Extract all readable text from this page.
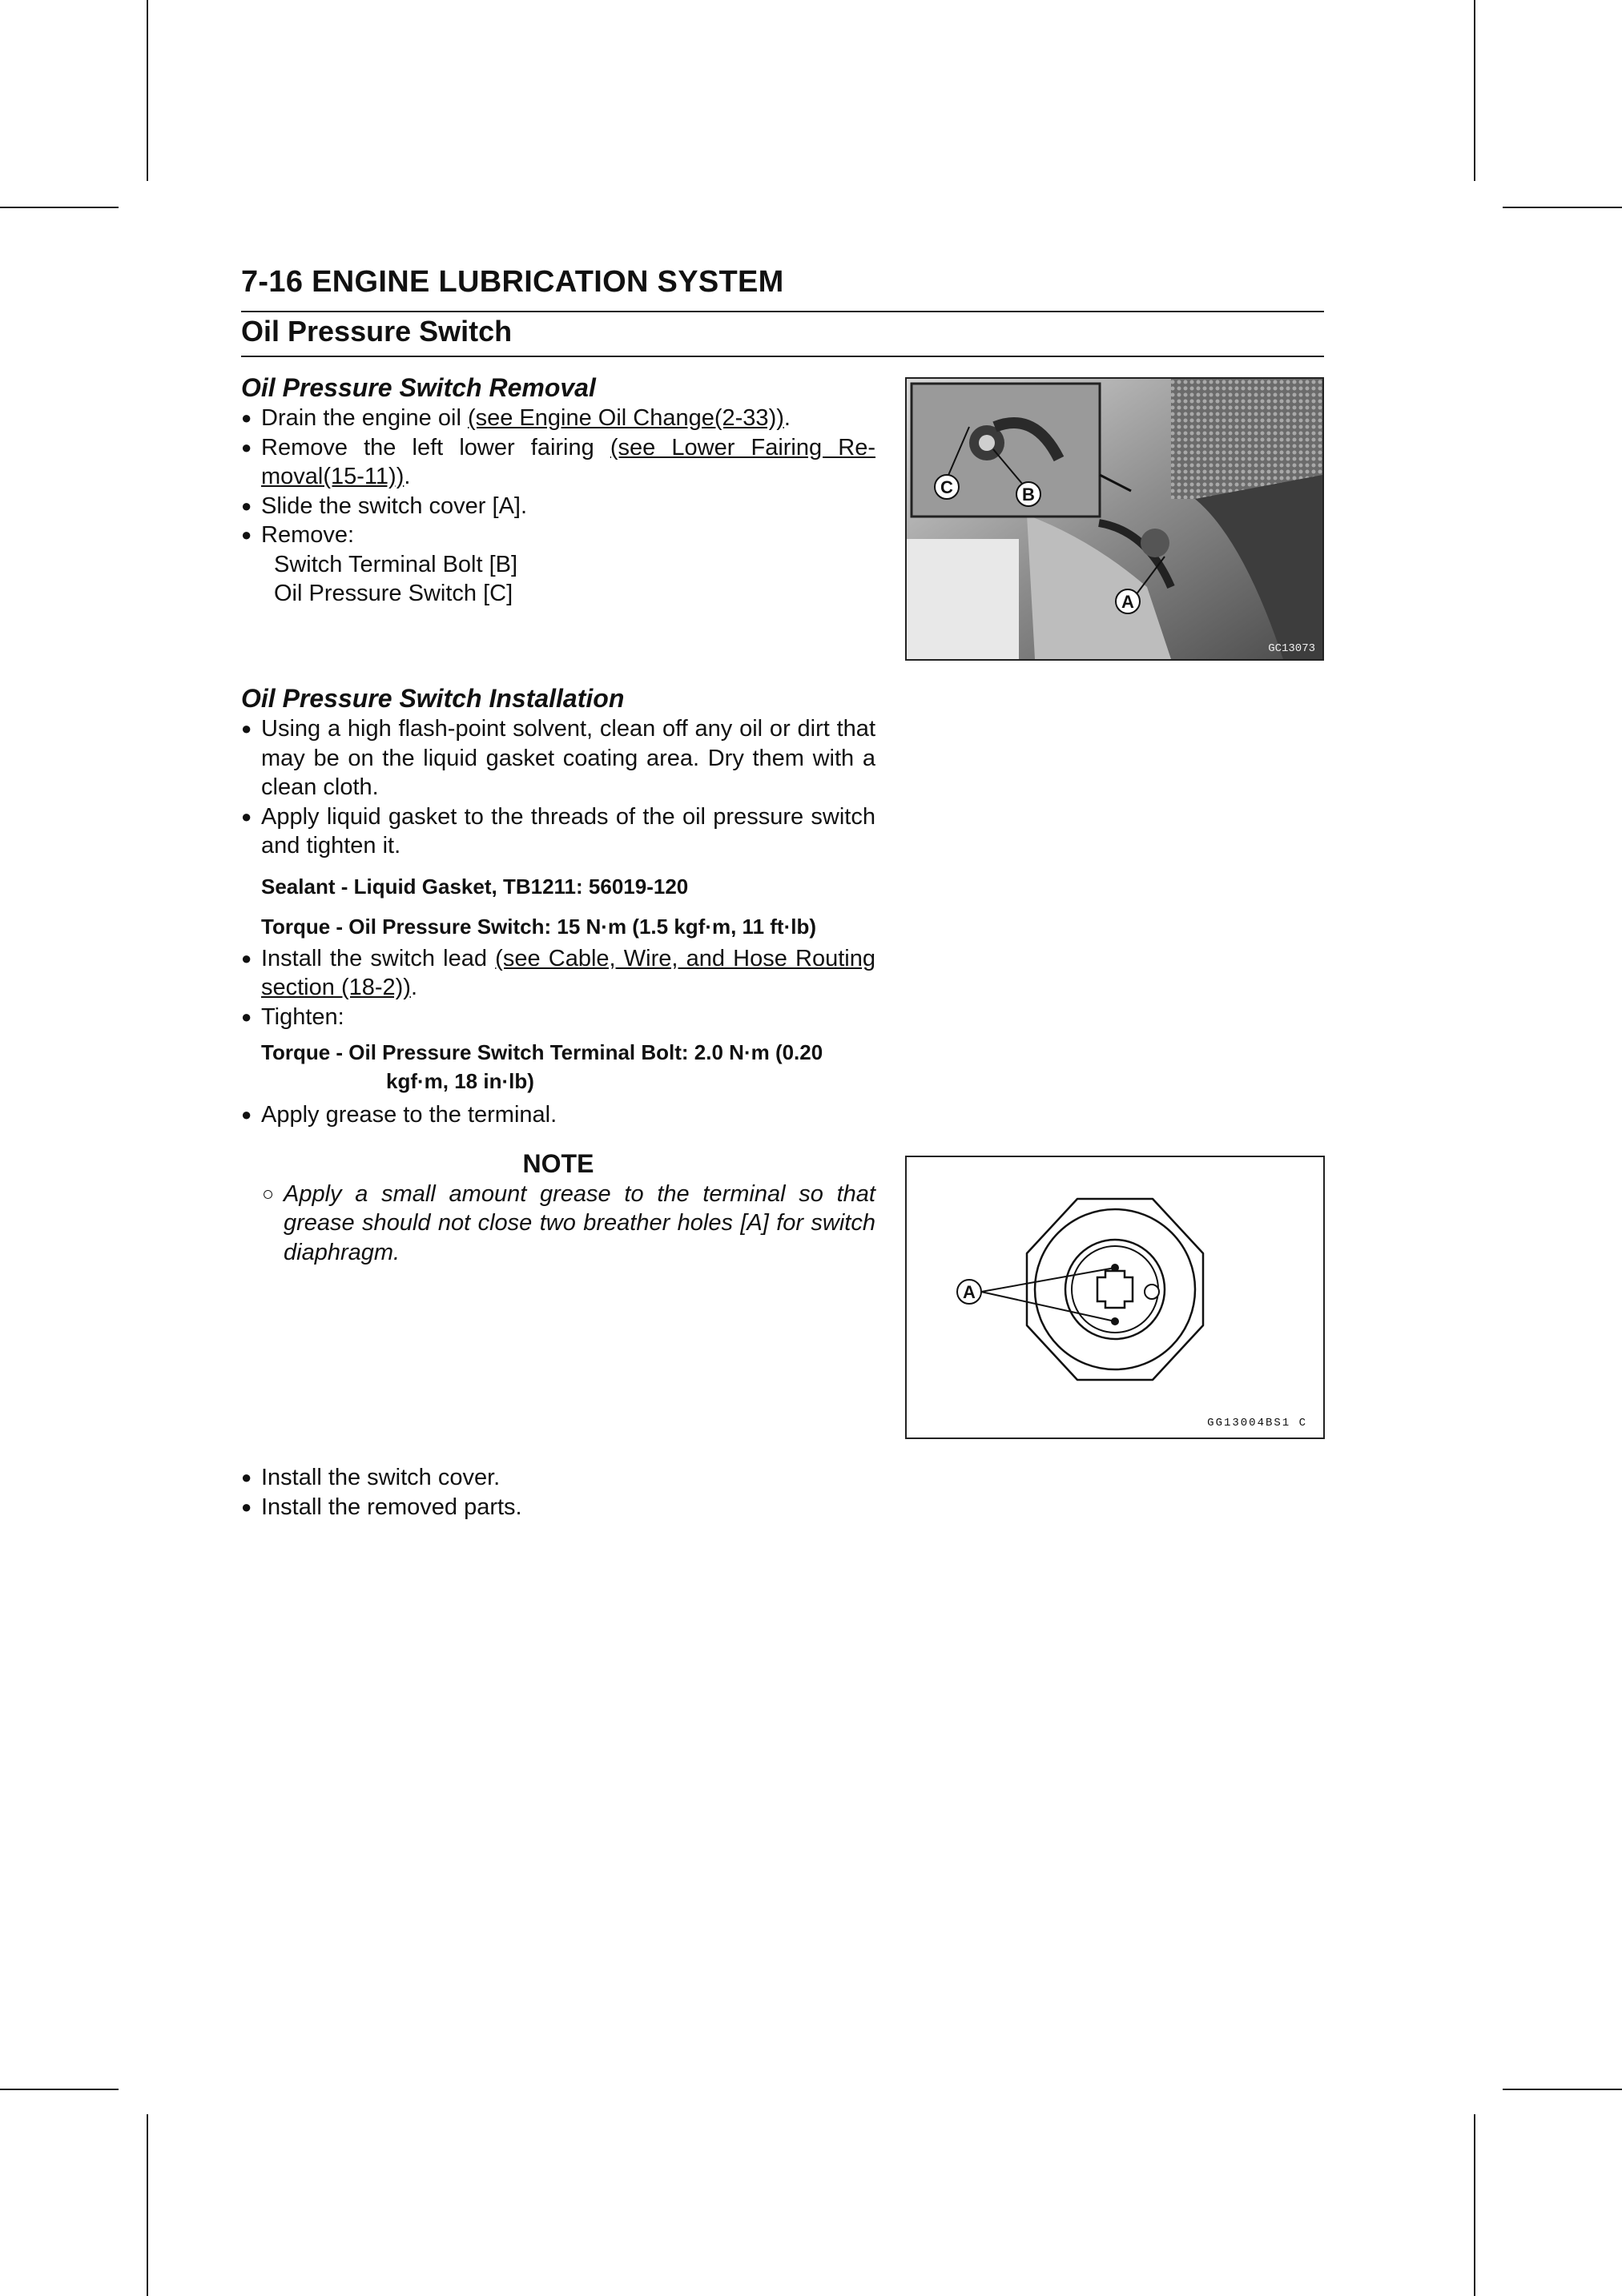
7-16 ENGINE LUBRICATION SYSTEM
Oil Pressure Switch
Oil Pressure Switch Removal
● Drain the engine oil (see Engine Oil Change(2-33)).
● Remove the left lower fairing (see Lower Fairing Re-moval(15-11)).
● Slide the switch cover [A].
● Remove:
Switch Terminal Bolt [B]
Oil Pressure Switch [C]
C	B
A
GC13073
Oil Pressure Switch Installation
● Using a high flash-point solvent, clean off any oil or dirt that may be on the liquid gasket coating area. Dry them with a clean cloth.
● Apply liquid gasket to the threads of the oil pressure switch and tighten it.
Sealant - Liquid Gasket, TB1211: 56019-120
Torque - Oil Pressure Switch: 15 N·m (1.5 kgf·m, 11 ft·lb)
● Install the switch lead (see Cable, Wire, and Hose Routing section (18-2)).
● Tighten:
Torque - Oil Pressure Switch Terminal Bolt: 2.0 N·m (0.20
kgf·m, 18 in·lb)
● Apply grease to the terminal.
NOTE
○ Apply a small amount grease to the terminal so that grease should not close two breather holes [A] for switch diaphragm.
A
GG13004BS1 C
● Install the switch cover.
● Install the removed parts.
